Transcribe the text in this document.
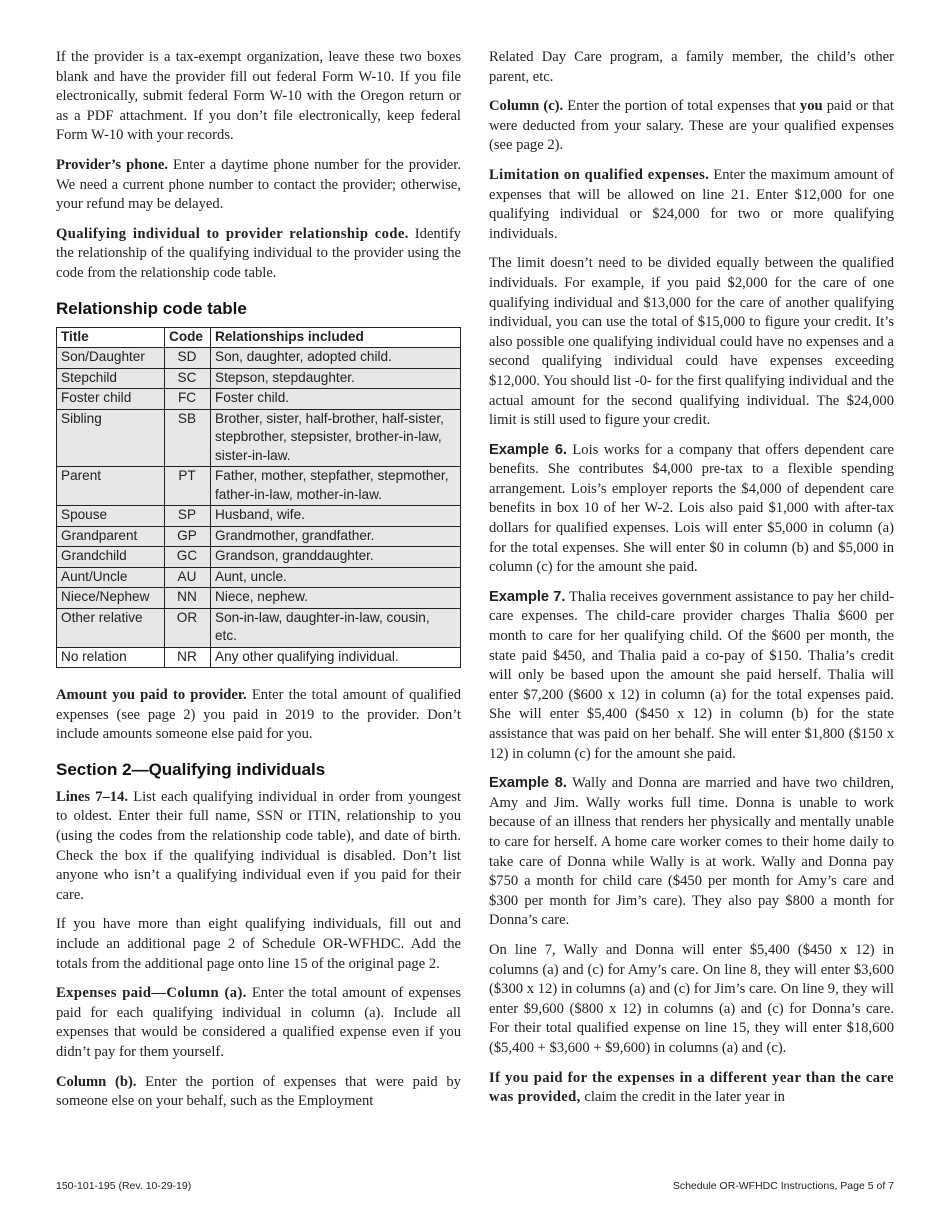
If the provider is a tax-exempt organization, leave these two boxes blank and have the provider fill out federal Form W-10. If you file electronically, submit federal Form W-10 with the Oregon return or as a PDF attachment. If you don’t file electronically, keep federal Form W-10 with your records.

Provider’s phone. Enter a daytime phone number for the provider. We need a current phone number to contact the provider; otherwise, your refund may be delayed.

Qualifying individual to provider relationship code. Identify the relationship of the qualifying individual to the provider using the code from the relationship code table.

Relationship code table
Title	Code	Relationships included
Son/Daughter	SD	Son, daughter, adopted child.
Stepchild	SC	Stepson, stepdaughter.
Foster child	FC	Foster child.
Sibling	SB	Brother, sister, half-brother, half-sister, stepbrother, stepsister, brother-in-law, sister-in-law.
Parent	PT	Father, mother, stepfather, stepmother, father-in-law, mother-in-law.
Spouse	SP	Husband, wife.
Grandparent	GP	Grandmother, grandfather.
Grandchild	GC	Grandson, granddaughter.
Aunt/Uncle	AU	Aunt, uncle.
Niece/Nephew	NN	Niece, nephew.
Other relative	OR	Son-in-law, daughter-in-law, cousin, etc.
No relation	NR	Any other qualifying individual.

Amount you paid to provider. Enter the total amount of qualified expenses (see page 2) you paid in 2019 to the provider. Don’t include amounts someone else paid for you.

Section 2—Qualifying individuals

Lines 7–14. List each qualifying individual in order from youngest to oldest. Enter their full name, SSN or ITIN, relationship to you (using the codes from the relationship code table), and date of birth. Check the box if the qualifying individual is disabled. Don’t list anyone who isn’t a qualifying individual even if you paid for their care.

If you have more than eight qualifying individuals, fill out and include an additional page 2 of Schedule OR-WFHDC. Add the totals from the additional page onto line 15 of the original page 2.

Expenses paid—Column (a). Enter the total amount of expenses paid for each qualifying individual in column (a). Include all expenses that would be considered a qualified expense even if you didn’t pay for them yourself.

Column (b). Enter the portion of expenses that were paid by someone else on your behalf, such as the Employment

Related Day Care program, a family member, the child’s other parent, etc.

Column (c). Enter the portion of total expenses that you paid or that were deducted from your salary. These are your qualified expenses (see page 2).

Limitation on qualified expenses. Enter the maximum amount of expenses that will be allowed on line 21. Enter $12,000 for one qualifying individual or $24,000 for two or more qualifying individuals.

The limit doesn’t need to be divided equally between the qualified individuals. For example, if you paid $2,000 for the care of one qualifying individual and $13,000 for the care of another qualifying individual, you can use the total of $15,000 to figure your credit. It’s also possible one qualifying individual could have no expenses and a second qualifying individual could have expenses exceeding $12,000. You should list -0- for the first qualifying individual and the actual amount for the second qualifying individual. The $24,000 limit is still used to figure your credit.

Example 6. Lois works for a company that offers dependent care benefits. She contributes $4,000 pre-tax to a flexible spending arrangement. Lois’s employer reports the $4,000 of dependent care benefits in box 10 of her W-2. Lois also paid $1,000 with after-tax dollars for qualified expenses. Lois will enter $5,000 in column (a) for the total expenses. She will enter $0 in column (b) and $5,000 in column (c) for the amount she paid.

Example 7. Thalia receives government assistance to pay her child-care expenses. The child-care provider charges Thalia $600 per month to care for her qualifying child. Of the $600 per month, the state paid $450, and Thalia paid a co-pay of $150. Thalia’s credit will only be based upon the amount she paid herself. Thalia will enter $7,200 ($600 x 12) in column (a) for the total expenses paid. She will enter $5,400 ($450 x 12) in column (b) for the state assistance that was paid on her behalf. She will enter $1,800 ($150 x 12) in column (c) for the amount she paid.

Example 8. Wally and Donna are married and have two children, Amy and Jim. Wally works full time. Donna is unable to work because of an illness that renders her physically and mentally unable to care for herself. A home care worker comes to their home daily to take care of Donna while Wally is at work. Wally and Donna pay $750 a month for child care ($450 per month for Amy’s care and $300 per month for Jim’s care). They also pay $800 a month for Donna’s care.

On line 7, Wally and Donna will enter $5,400 ($450 x 12) in columns (a) and (c) for Amy’s care. On line 8, they will enter $3,600 ($300 x 12) in columns (a) and (c) for Jim’s care. On line 9, they will enter $9,600 ($800 x 12) in columns (a) and (c) for Donna’s care. For their total qualified expense on line 15, they will enter $18,600 ($5,400 + $3,600 + $9,600) in columns (a) and (c).

If you paid for the expenses in a different year than the care was provided, claim the credit in the later year in

150-101-195 (Rev. 10-29-19)	Schedule OR-WFHDC Instructions, Page 5 of 7
